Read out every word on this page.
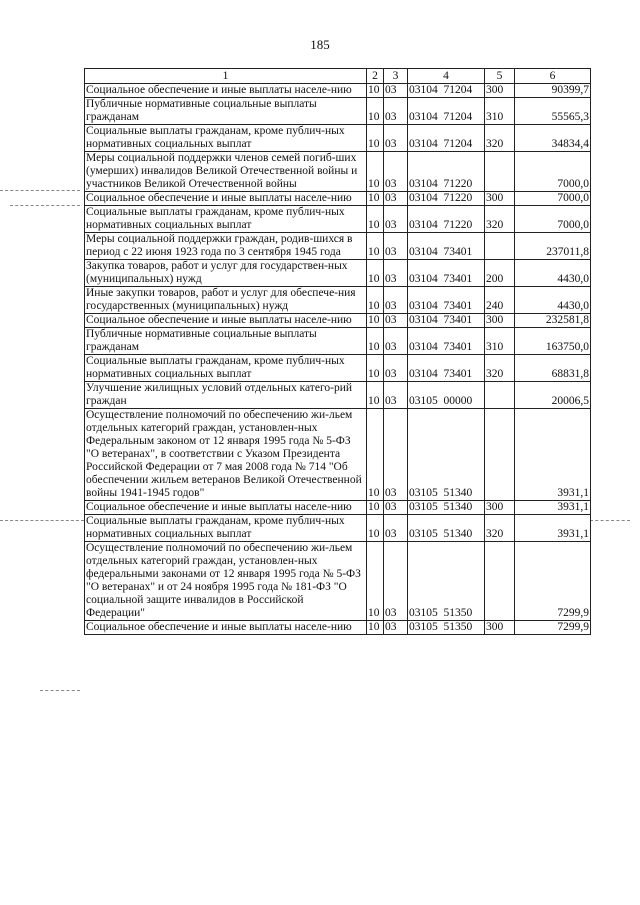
185
1	2	3	4	5	6
Социальное обеспечение и иные выплаты населе-нию	10	03	03104  71204	300	90399,7
Публичные нормативные социальные выплаты гражданам	10	03	03104  71204	310	55565,3
Социальные выплаты гражданам, кроме публич-ных нормативных социальных выплат	10	03	03104  71204	320	34834,4
Меры социальной поддержки членов семей погиб-ших (умерших) инвалидов Великой Отечественной войны и участников Великой Отечественной войны	10	03	03104  71220		7000,0
Социальное обеспечение и иные выплаты населе-нию	10	03	03104  71220	300	7000,0
Социальные выплаты гражданам, кроме публич-ных нормативных социальных выплат	10	03	03104  71220	320	7000,0
Меры социальной поддержки граждан, родив-шихся в период с 22 июня 1923 года по 3 сентября 1945 года	10	03	03104  73401		237011,8
Закупка товаров, работ и услуг для государствен-ных (муниципальных) нужд	10	03	03104  73401	200	4430,0
Иные закупки товаров, работ и услуг для обеспече-ния государственных (муниципальных) нужд	10	03	03104  73401	240	4430,0
Социальное обеспечение и иные выплаты населе-нию	10	03	03104  73401	300	232581,8
Публичные нормативные социальные выплаты гражданам	10	03	03104  73401	310	163750,0
Социальные выплаты гражданам, кроме публич-ных нормативных социальных выплат	10	03	03104  73401	320	68831,8
Улучшение жилищных условий отдельных катего-рий граждан	10	03	03105  00000		20006,5
Осуществление полномочий по обеспечению жи-льем отдельных категорий граждан, установлен-ных Федеральным законом от 12 января 1995 года № 5-ФЗ "О ветеранах", в соответствии с Указом Президента Российской Федерации от 7 мая 2008 года № 714 "Об обеспечении жильем ветеранов Великой Отечественной войны 1941-1945 годов"	10	03	03105  51340		3931,1
Социальное обеспечение и иные выплаты населе-нию	10	03	03105  51340	300	3931,1
Социальные выплаты гражданам, кроме публич-ных нормативных социальных выплат	10	03	03105  51340	320	3931,1
Осуществление полномочий по обеспечению жи-льем отдельных категорий граждан, установлен-ных федеральными законами от 12 января 1995 года № 5-ФЗ "О ветеранах" и от 24 ноября 1995 года № 181-ФЗ "О социальной защите инвалидов в Российской Федерации"	10	03	03105  51350		7299,9
Социальное обеспечение и иные выплаты населе-нию	10	03	03105  51350	300	7299,9
